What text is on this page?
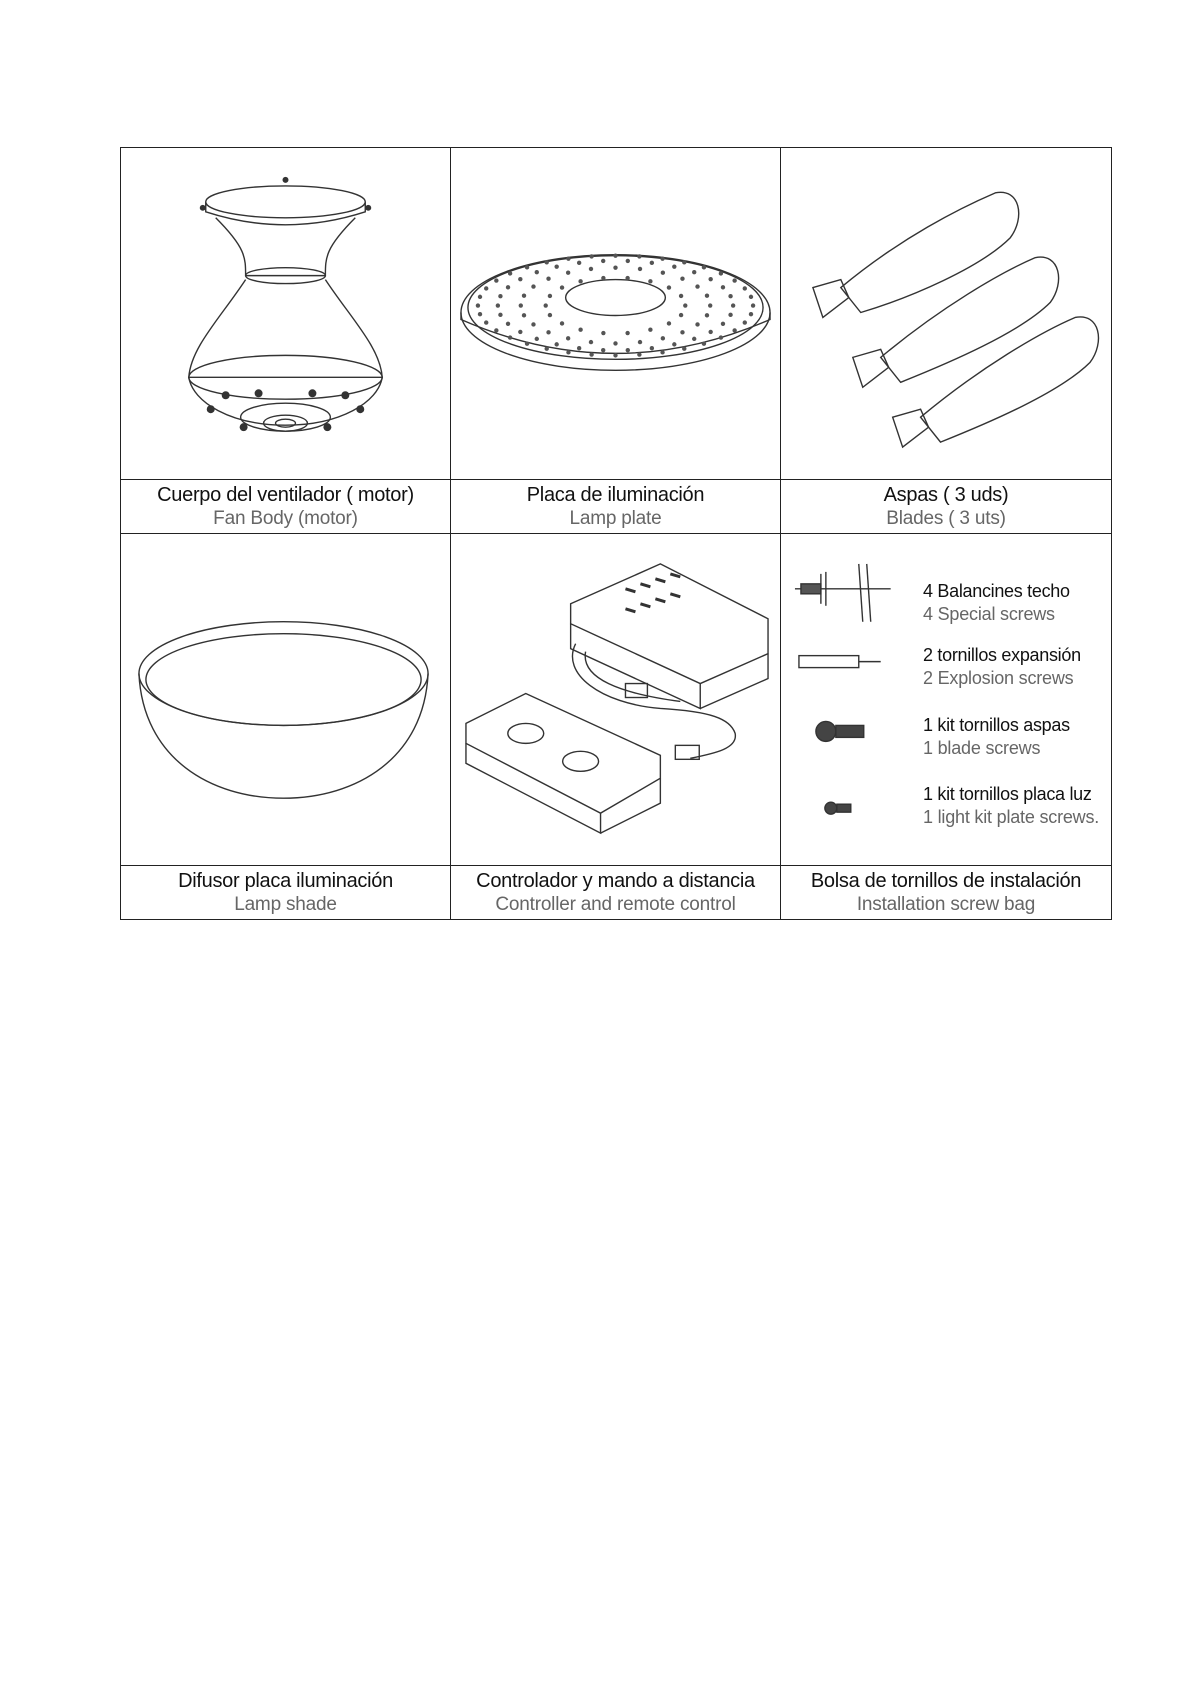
Cuerpo del ventilador ( motor)
Fan Body (motor)
Placa de iluminación
Lamp plate
Aspas ( 3 uds)
Blades ( 3 uts)
4 Balancines techo
4 Special screws
2 tornillos expansión
2 Explosion screws
1 kit tornillos aspas
1 blade screws
1 kit tornillos placa luz
1 light kit plate screws.
Difusor placa iluminación
Lamp shade
Controlador y mando a distancia
Controller and remote control
Bolsa de tornillos de instalación
Installation screw bag
